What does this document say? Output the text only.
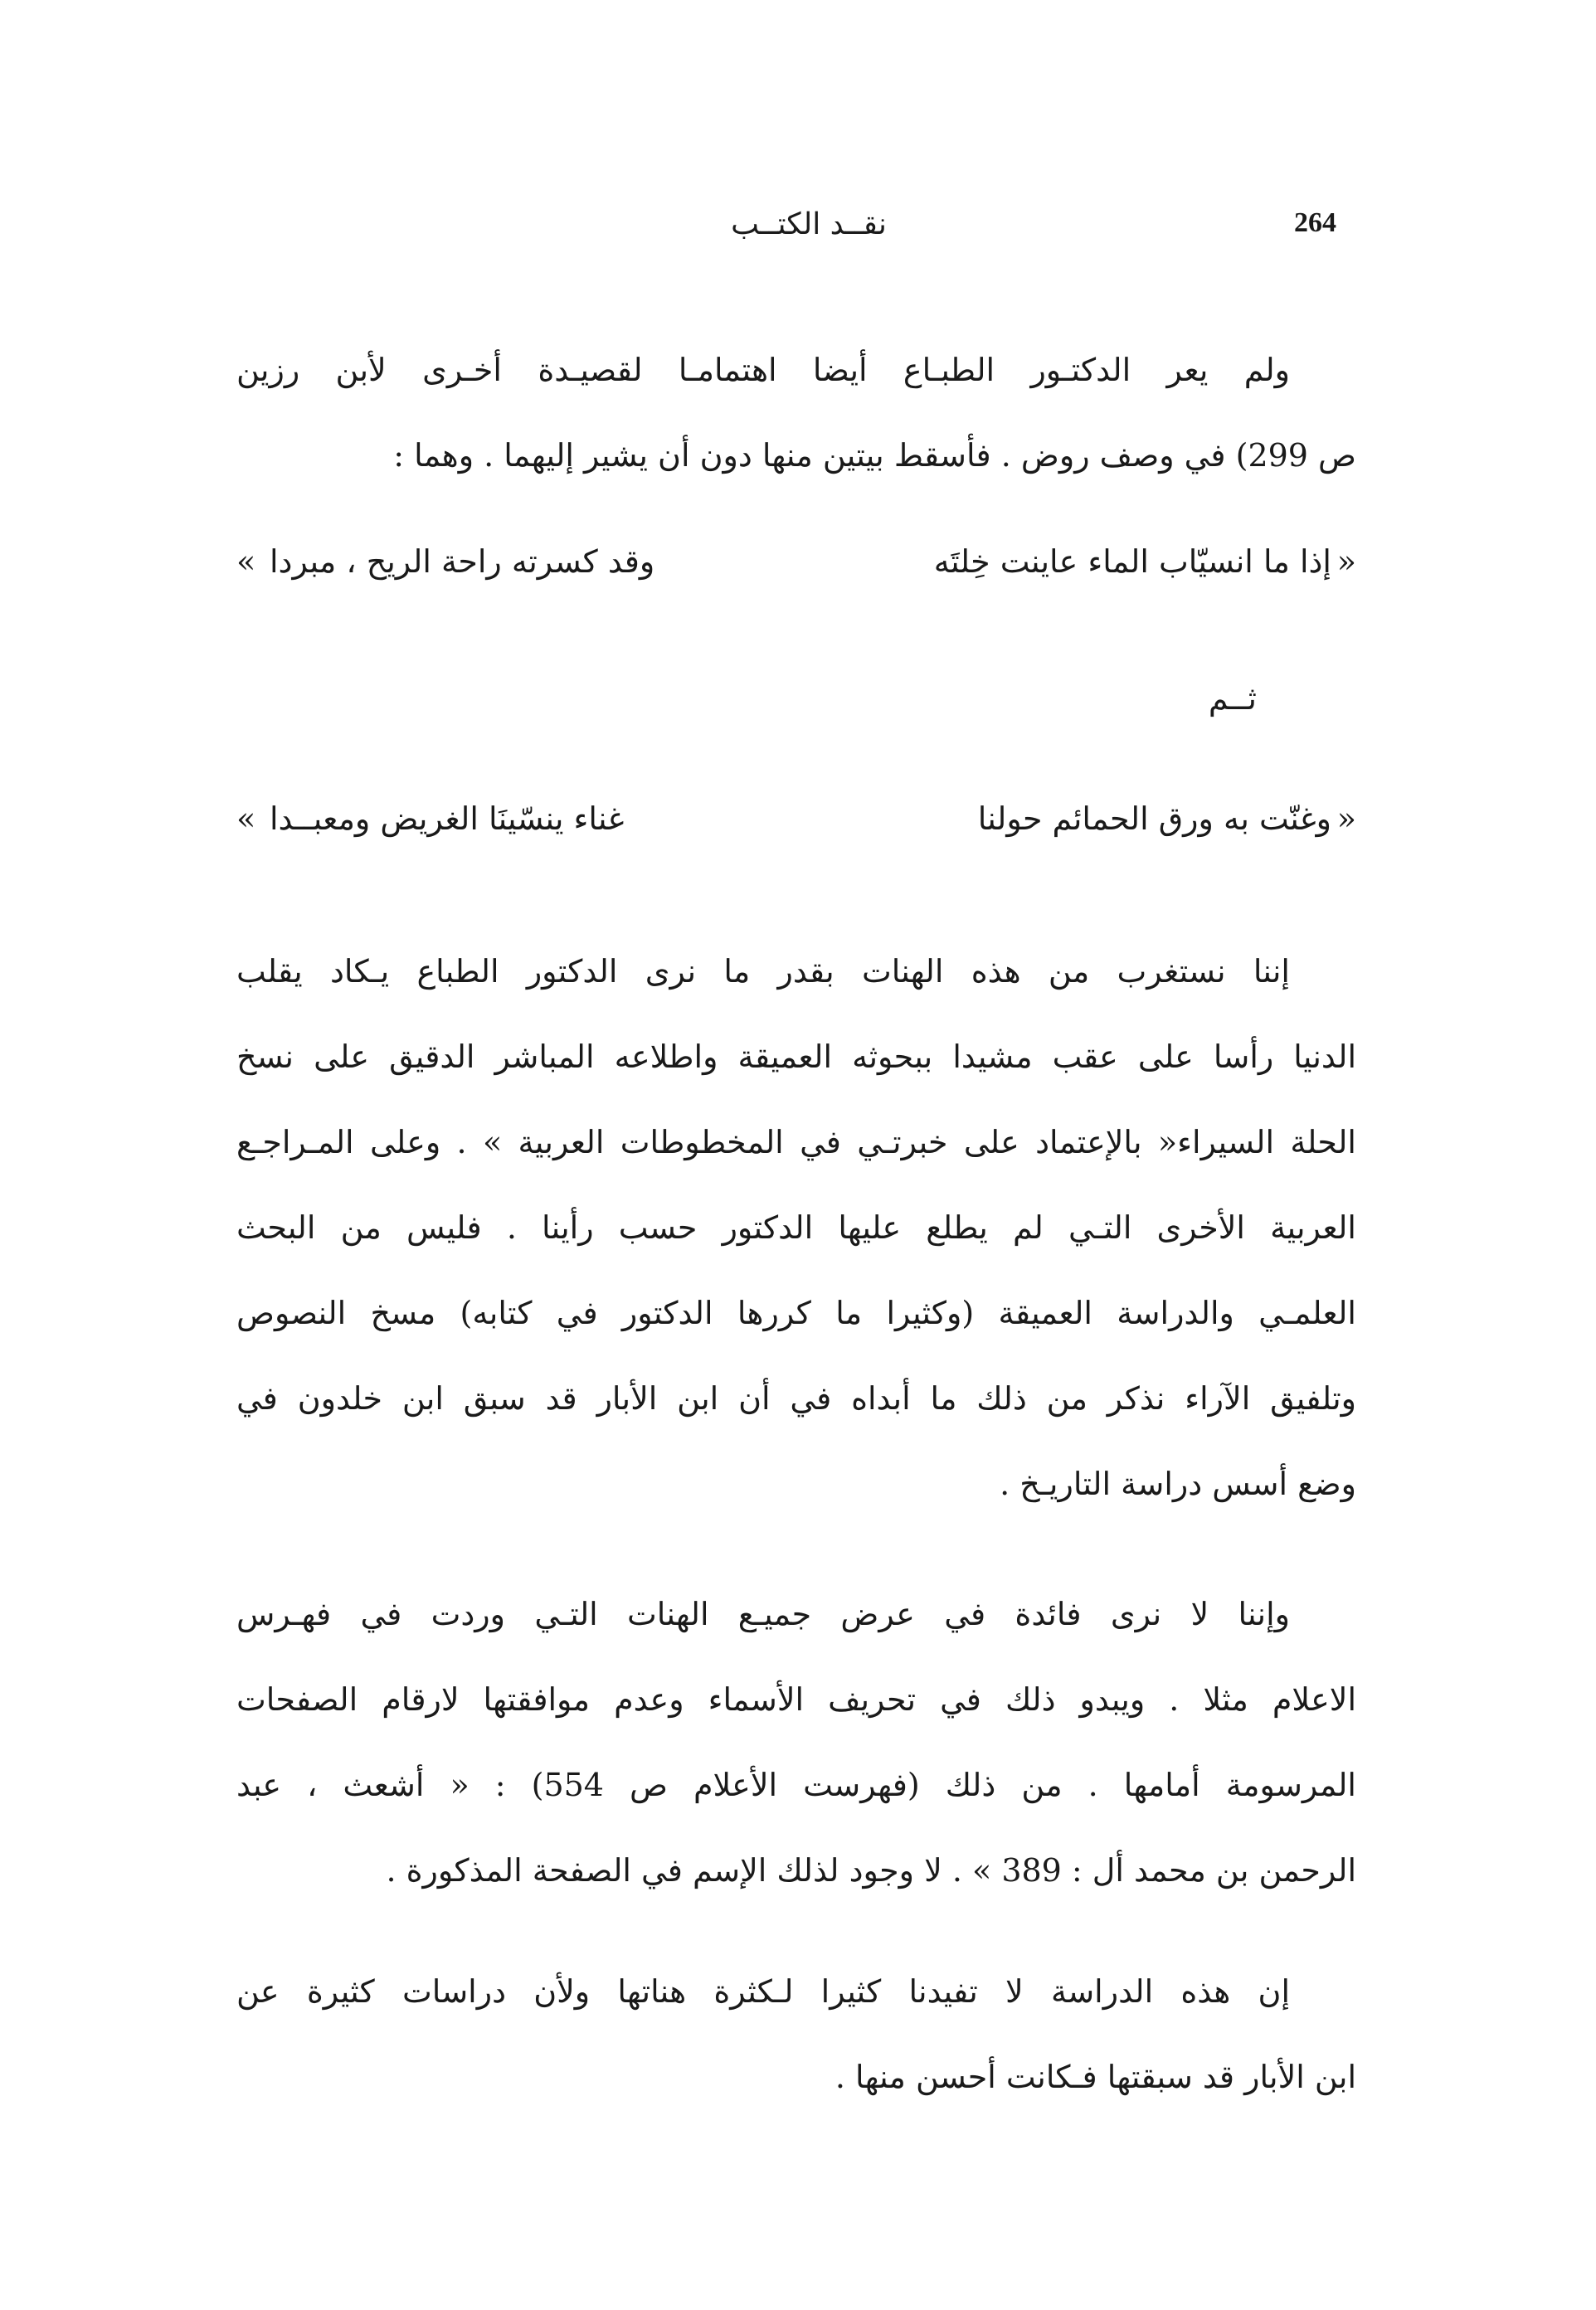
نقــد الكتــب	264
ولم يعر الدكتـور الطبـاع أيضا اهتمامـا لقصيـدة أخـرى لأبن رزين
ص 299) في وصف روض . فأسقط بيتين منها دون أن يشير إليهما . وهما :
«
إذا ما انسيّاب الماء عاينت خِلتَه
وقد كسرته راحة الريح ، مبردا
»
ثــم
«
وغنّت به ورق الحمائم حولنا
غناء ينسّينَا الغريض ومعبــدا
»
إننا نستغرب من هذه الهنات بقدر ما نرى الدكتور الطباع يـكاد يقلب
الدنيا رأسا على عقب مشيدا ببحوثه العميقة واطلاعه المباشر الدقيق على نسخ
الحلة السيراء« بالإعتماد على خبرتـي في المخطوطات العربية » . وعلى المـراجـع
العربية الأخرى التـي لم يطلع عليها الدكتور حسب رأينا . فليس من البحث
العلمـي والدراسة العميقة (وكثيرا ما كررها الدكتور في كتابه) مسخ النصوص
وتلفيق الآراء نذكر من ذلك ما أبداه في أن ابن الأبار قد سبق ابن خلدون في
وضع أسس دراسة التاريـخ .
وإننا لا نرى فائدة في عرض جميـع الهنات التـي وردت في فهـرس
الاعلام مثلا . ويبدو ذلك في تحريف الأسماء وعدم موافقتها لارقام الصفحات
المرسومة أمامها . من ذلك (فهرست الأعلام ص 554) : « أشعث ، عبد
الرحمن بن محمد أل : 389 » . لا وجود لذلك الإسم في الصفحة المذكورة .
إن هذه الدراسة لا تفيدنا كثيرا لـكثرة هناتها ولأن دراسات كثيرة عن
ابن الأبار قد سبقتها فـكانت أحسن منها .
